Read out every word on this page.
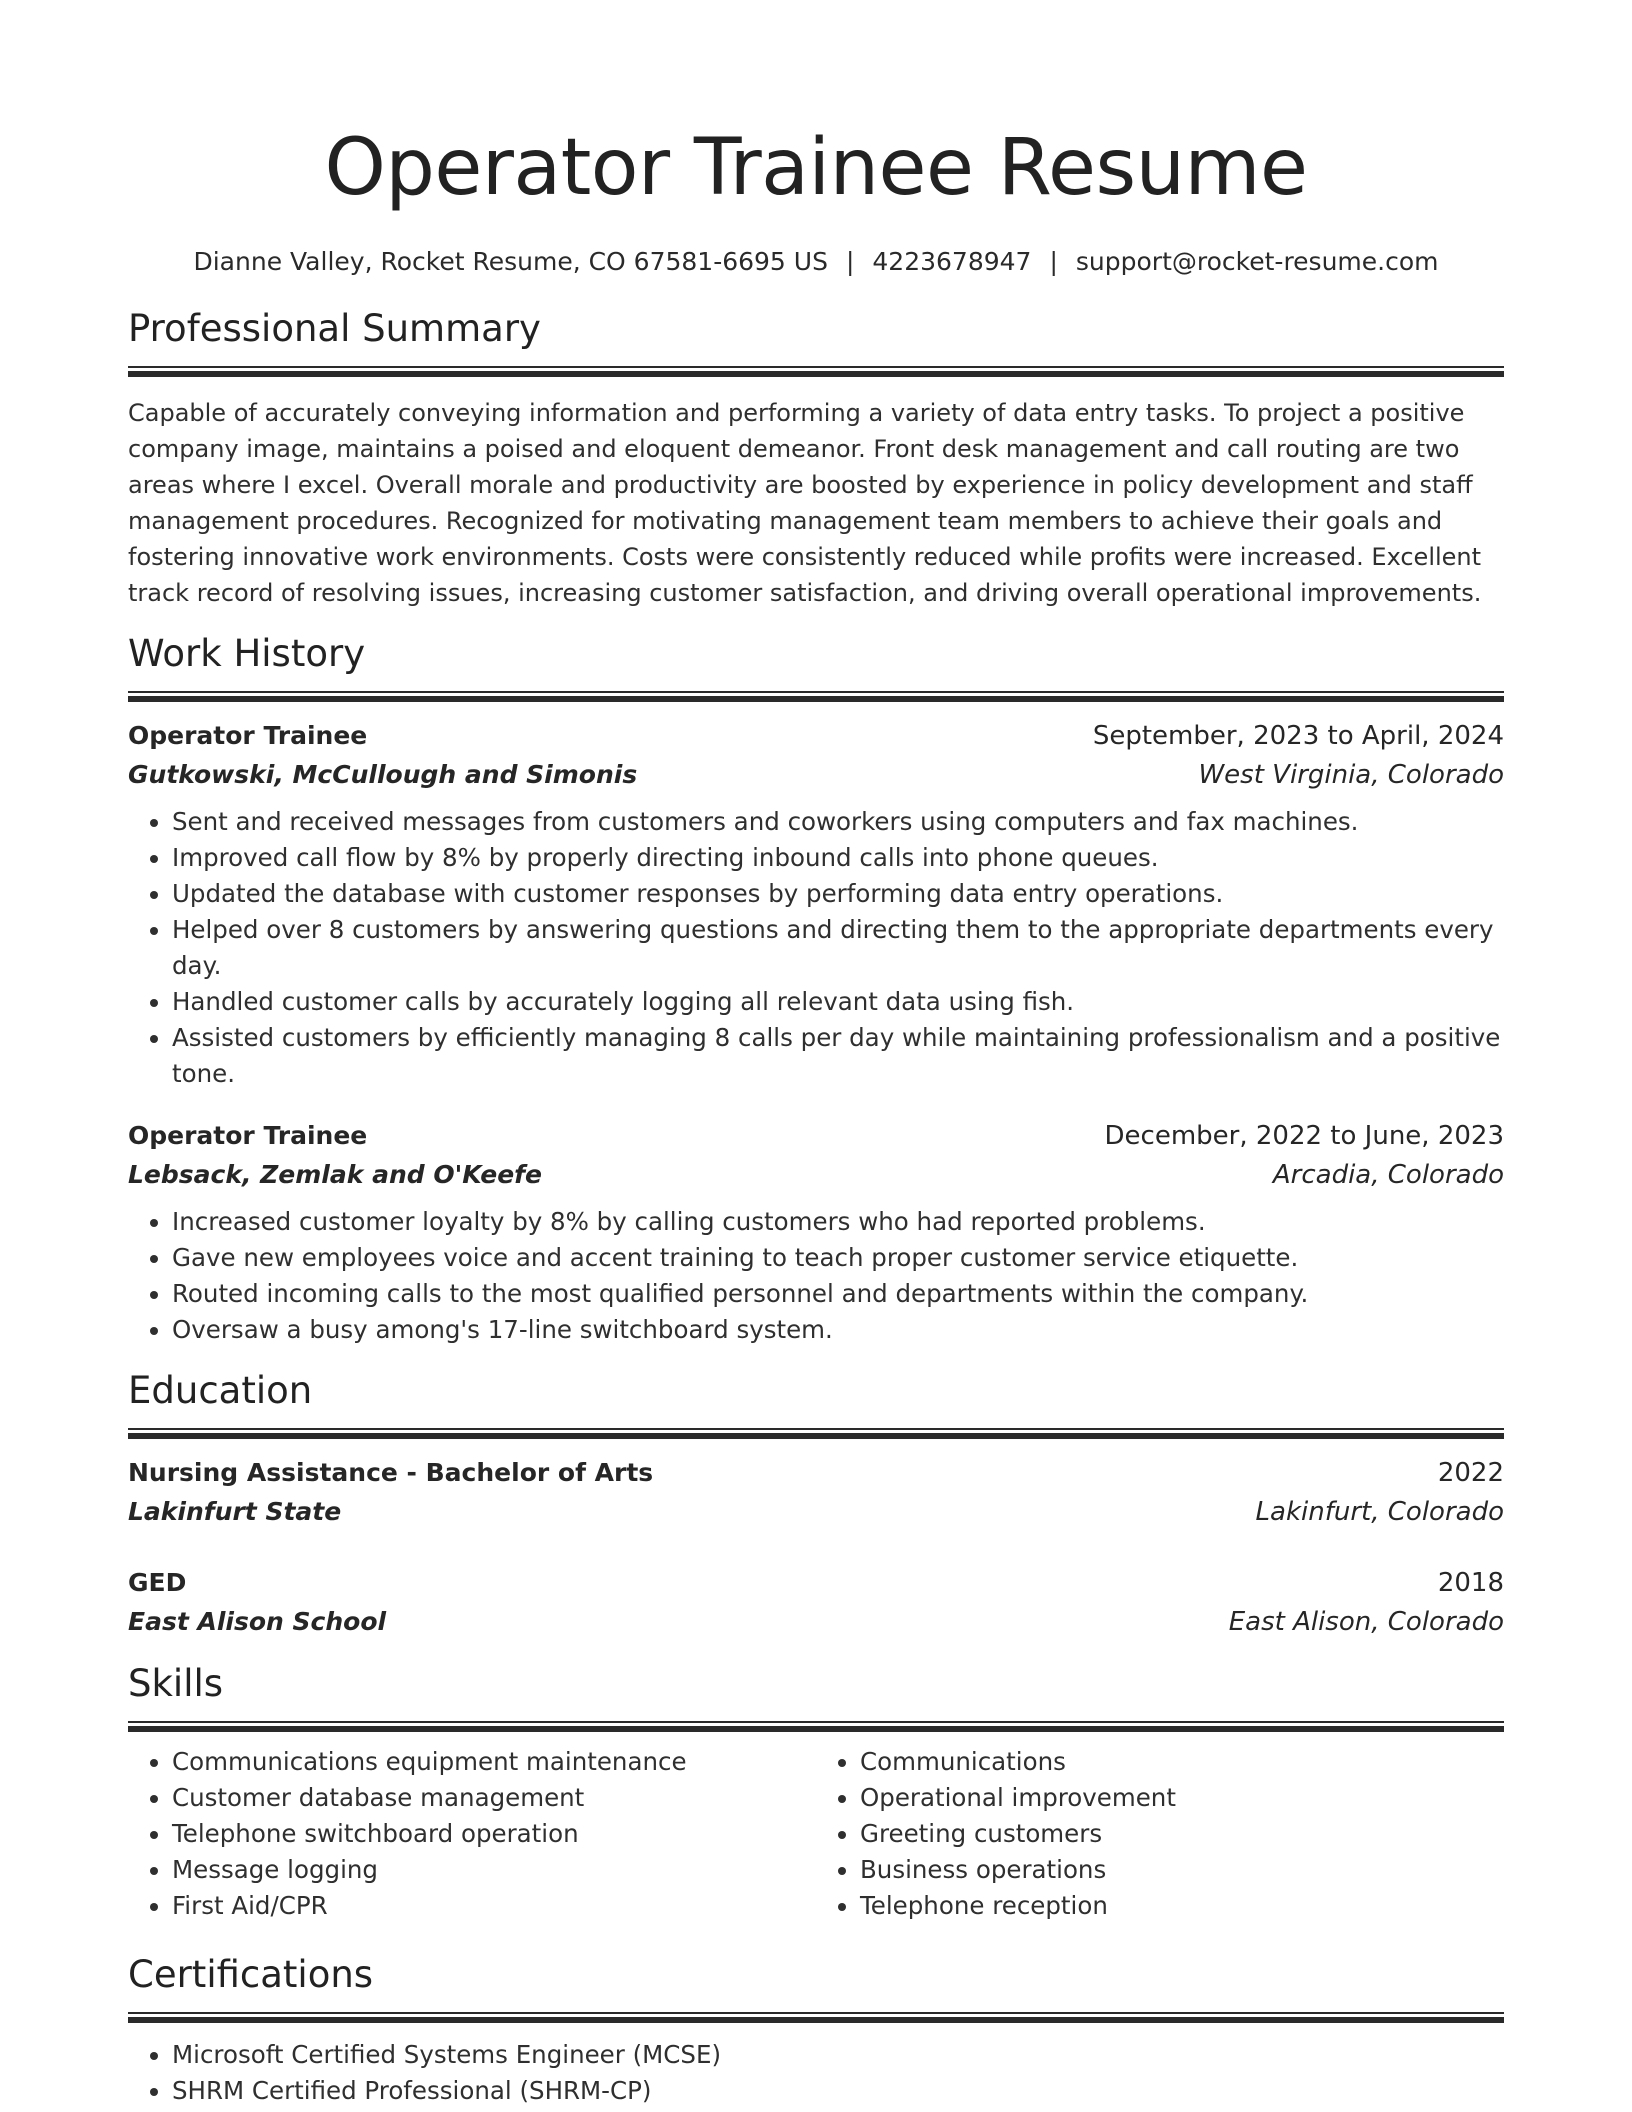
Operator Trainee Resume
Dianne Valley, Rocket Resume, CO 67581-6695 US | 4223678947 | support@rocket-resume.com
Professional Summary

Capable of accurately conveying information and performing a variety of data entry tasks. To project a positive company image, maintains a poised and eloquent demeanor. Front desk management and call routing are two areas where I excel. Overall morale and productivity are boosted by experience in policy development and staff management procedures. Recognized for motivating management team members to achieve their goals and fostering innovative work environments. Costs were consistently reduced while profits were increased. Excellent track record of resolving issues, increasing customer satisfaction, and driving overall operational improvements.

Work History
Operator Trainee	September, 2023 to April, 2024
Gutkowski, McCullough and Simonis	West Virginia, Colorado
• Sent and received messages from customers and coworkers using computers and fax machines.
• Improved call flow by 8% by properly directing inbound calls into phone queues.
• Updated the database with customer responses by performing data entry operations.
• Helped over 8 customers by answering questions and directing them to the appropriate departments every day.
• Handled customer calls by accurately logging all relevant data using fish.
• Assisted customers by efficiently managing 8 calls per day while maintaining professionalism and a positive tone.
Operator Trainee	December, 2022 to June, 2023
Lebsack, Zemlak and O'Keefe	Arcadia, Colorado
• Increased customer loyalty by 8% by calling customers who had reported problems.
• Gave new employees voice and accent training to teach proper customer service etiquette.
• Routed incoming calls to the most qualified personnel and departments within the company.
• Oversaw a busy among's 17-line switchboard system.
Education
Nursing Assistance - Bachelor of Arts	2022
Lakinfurt State	Lakinfurt, Colorado
GED	2018
East Alison School	East Alison, Colorado
Skills
• Communications equipment maintenance
• Customer database management
• Telephone switchboard operation
• Message logging
• First Aid/CPR
• Communications
• Operational improvement
• Greeting customers
• Business operations
• Telephone reception
Certifications
• Microsoft Certified Systems Engineer (MCSE)
• SHRM Certified Professional (SHRM-CP)
